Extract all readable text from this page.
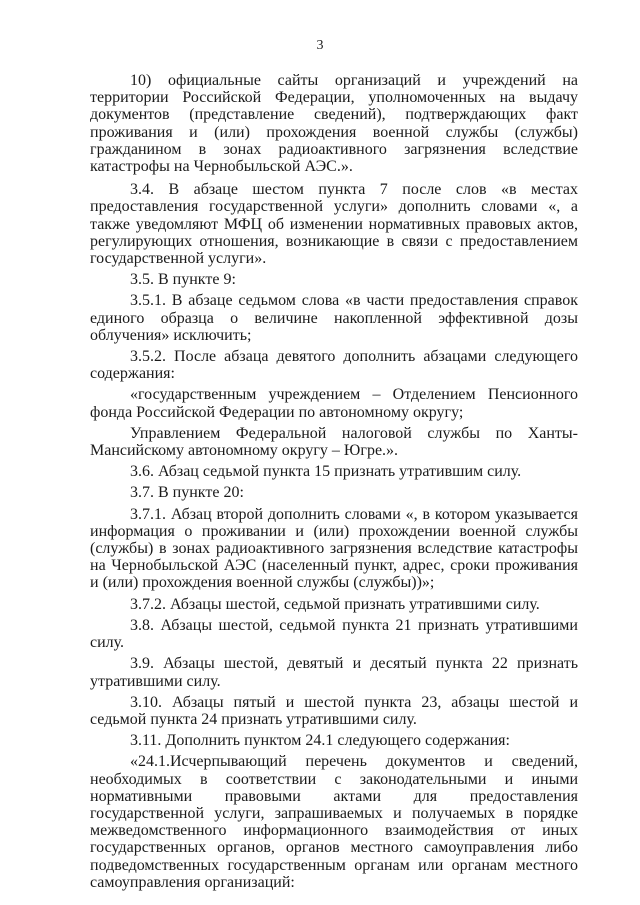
3

10) официальные сайты организаций и учреждений на территории Российской Федерации, уполномоченных на выдачу документов (представление сведений), подтверждающих факт проживания и (или) прохождения военной службы (службы) гражданином в зонах радиоактивного загрязнения вследствие катастрофы на Чернобыльской АЭС.».

3.4. В абзаце шестом пункта 7 после слов «в местах предоставления государственной услуги» дополнить словами «, а также уведомляют МФЦ об изменении нормативных правовых актов, регулирующих отношения, возникающие в связи с предоставлением государственной услуги».

3.5. В пункте 9:

3.5.1. В абзаце седьмом слова «в части предоставления справок единого образца о величине накопленной эффективной дозы облучения» исключить;

3.5.2. После абзаца девятого дополнить абзацами следующего содержания:

«государственным учреждением – Отделением Пенсионного фонда Российской Федерации по автономному округу;

Управлением Федеральной налоговой службы по Ханты-Мансийскому автономному округу – Югре.».

3.6. Абзац седьмой пункта 15 признать утратившим силу.

3.7. В пункте 20:

3.7.1. Абзац второй дополнить словами «, в котором указывается информация о проживании и (или) прохождении военной службы (службы) в зонах радиоактивного загрязнения вследствие катастрофы на Чернобыльской АЭС (населенный пункт, адрес, сроки проживания и (или) прохождения военной службы (службы))»;

3.7.2. Абзацы шестой, седьмой признать утратившими силу.

3.8. Абзацы шестой, седьмой пункта 21 признать утратившими силу.

3.9. Абзацы шестой, девятый и десятый пункта 22 признать утратившими силу.

3.10. Абзацы пятый и шестой пункта 23, абзацы шестой и седьмой пункта 24 признать утратившими силу.

3.11. Дополнить пунктом 24.1 следующего содержания:

«24.1.Исчерпывающий перечень документов и сведений, необходимых в соответствии с законодательными и иными нормативными правовыми актами для предоставления государственной услуги, запрашиваемых и получаемых в порядке межведомственного информационного взаимодействия от иных государственных органов, органов местного самоуправления либо подведомственных государственным органам или органам местного самоуправления организаций:
